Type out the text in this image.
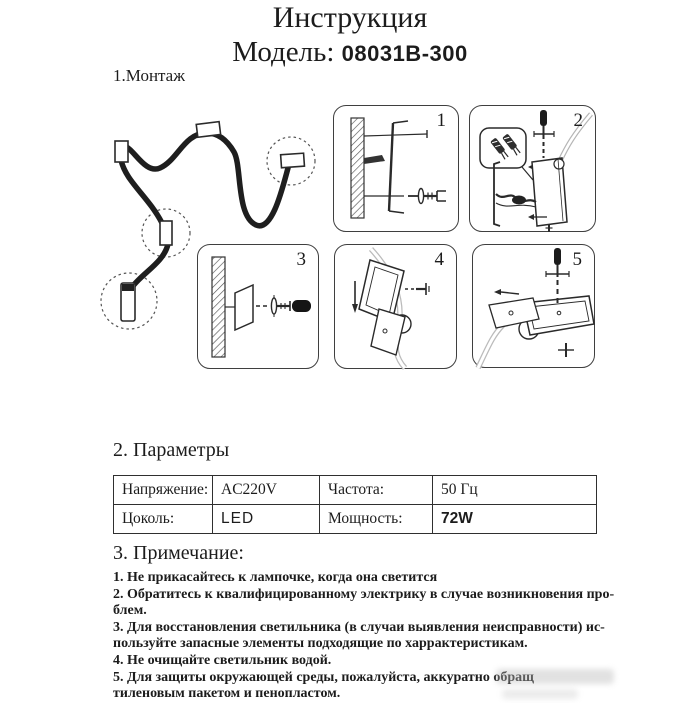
Инструкция
Модель: 08031B-300
1.Монтаж
1	2
3	4	5
2. Параметры
Напряжение:	AC220V	Частота:	50 Гц
Цоколь:	LED	Мощность:	72W
3. Примечание:
1. Не прикасайтесь к лампочке, когда она светится
2. Обратитесь к квалифицированному электрику в случае возникновения про-
блем.
3. Для восстановления светильника (в случаи выявления неисправности) ис-
пользуйте запасные элементы подходящие по харрактеристикам.
4. Не очищайте светильник водой.
5. Для защиты окружающей среды, пожалуйста, аккуратно обращ
тиленовым пакетом и пенопластом.
